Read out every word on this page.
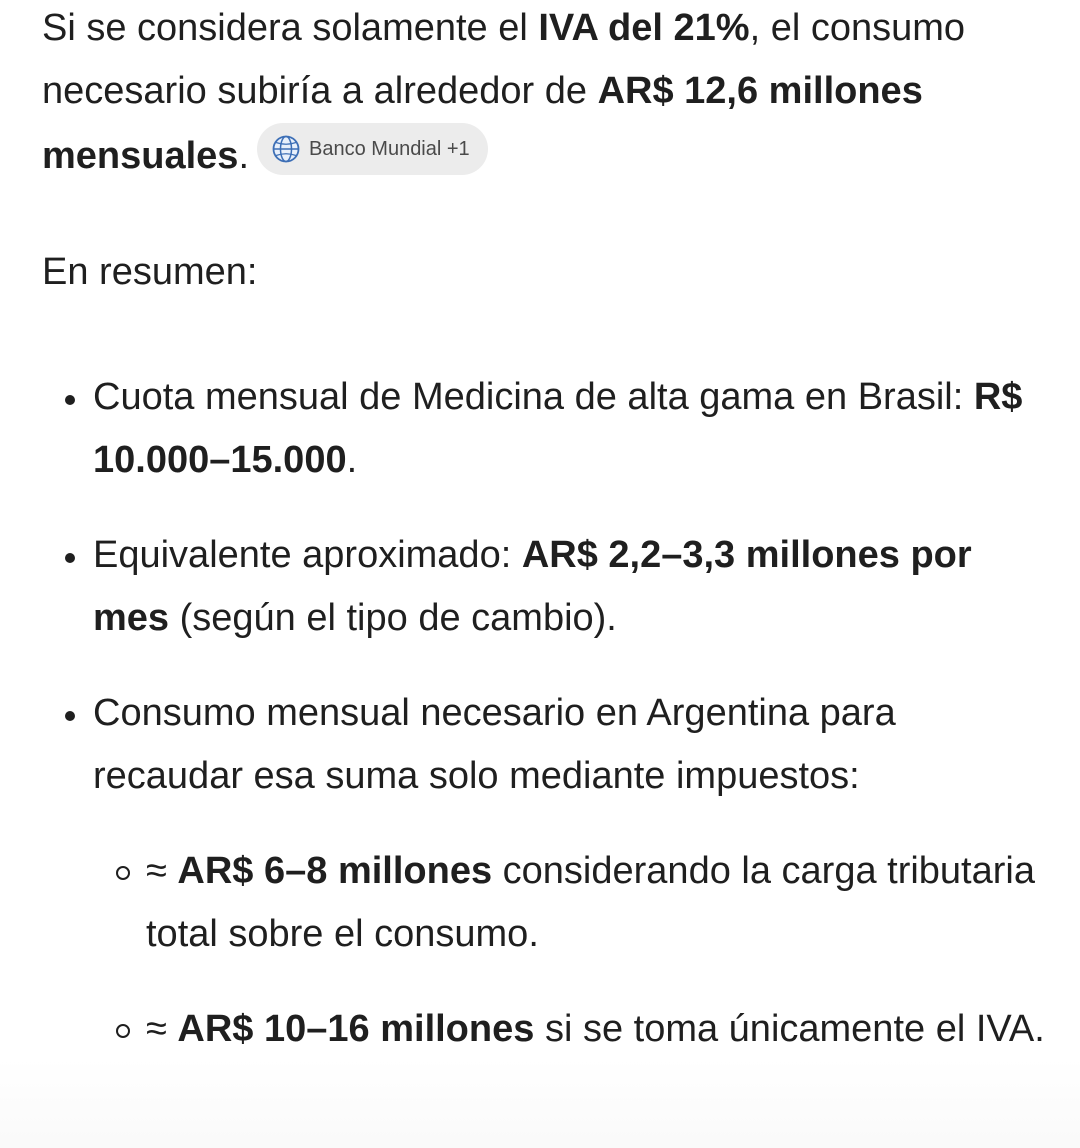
Si se considera solamente el IVA del 21%, el consumo necesario subiría a alrededor de AR$ 12,6 millones mensuales.	Banco Mundial +1

En resumen:

Cuota mensual de Medicina de alta gama en Brasil: R$ 10.000–15.000.
Equivalente aproximado: AR$ 2,2–3,3 millones por mes (según el tipo de cambio).
Consumo mensual necesario en Argentina para recaudar esa suma solo mediante impuestos:
≈ AR$ 6–8 millones considerando la carga tributaria total sobre el consumo.
≈ AR$ 10–16 millones si se toma únicamente el IVA.
